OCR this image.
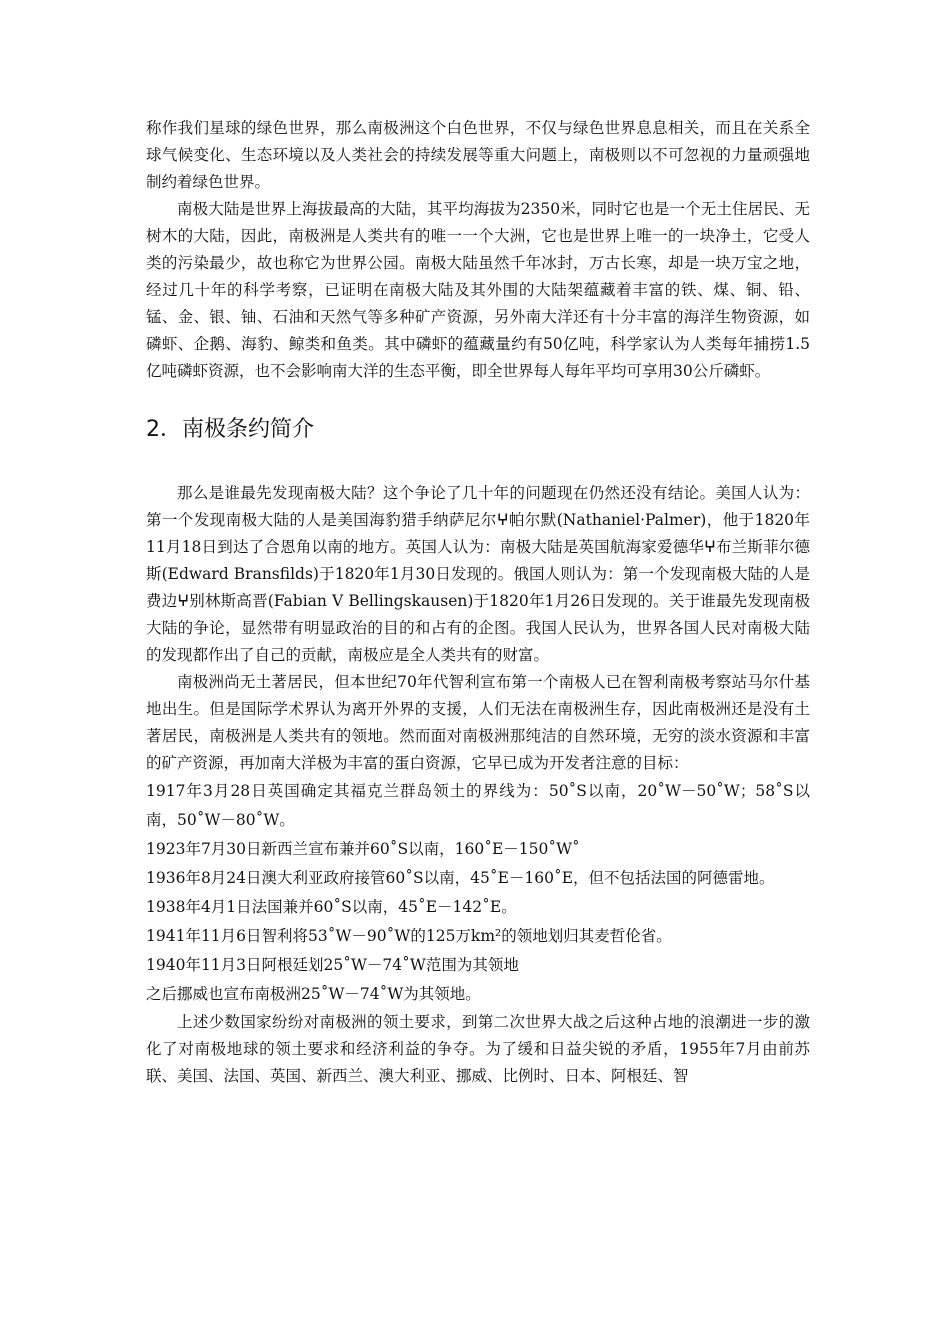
称作我们星球的绿色世界，那么南极洲这个白色世界，不仅与绿色世界息息相关，而且在关系全球气候变化、生态环境以及人类社会的持续发展等重大问题上，南极则以不可忽视的力量顽强地制约着绿色世界。

南极大陆是世界上海拔最高的大陆，其平均海拔为2350米，同时它也是一个无土住居民、无树木的大陆，因此，南极洲是人类共有的唯一一个大洲，它也是世界上唯一的一块净土，它受人类的污染最少，故也称它为世界公园。南极大陆虽然千年冰封，万古长寒，却是一块万宝之地，经过几十年的科学考察，已证明在南极大陆及其外围的大陆架蕴藏着丰富的铁、煤、铜、铅、锰、金、银、铀、石油和天然气等多种矿产资源，另外南大洋还有十分丰富的海洋生物资源，如磷虾、企鹅、海豹、鲸类和鱼类。其中磷虾的蕴藏量约有50亿吨，科学家认为人类每年捕捞1.5亿吨磷虾资源，也不会影响南大洋的生态平衡，即全世界每人每年平均可享用30公斤磷虾。

2．南极条约简介

那么是谁最先发现南极大陆？这个争论了几十年的问题现在仍然还没有结论。美国人认为：第一个发现南极大陆的人是美国海豹猎手纳萨尼尔ⵖ帕尔默(Nathaniel·Palmer)，他于1820年11月18日到达了合恩角以南的地方。英国人认为：南极大陆是英国航海家爱德华ⵖ布兰斯菲尔德斯(Edward Bransfilds)于1820年1月30日发现的。俄国人则认为：第一个发现南极大陆的人是费边ⵖ别林斯高晋(Fabian V Bellingskausen)于1820年1月26日发现的。关于谁最先发现南极大陆的争论，显然带有明显政治的目的和占有的企图。我国人民认为，世界各国人民对南极大陆的发现都作出了自己的贡献，南极应是全人类共有的财富。

南极洲尚无土著居民，但本世纪70年代智利宣布第一个南极人已在智利南极考察站马尔什基地出生。但是国际学术界认为离开外界的支援，人们无法在南极洲生存，因此南极洲还是没有土著居民，南极洲是人类共有的领地。然而面对南极洲那纯洁的自然环境，无穷的淡水资源和丰富的矿产资源，再加南大洋极为丰富的蛋白资源，它早已成为开发者注意的目标：

1917年3月28日英国确定其福克兰群岛领土的界线为：50˚S以南，20˚W－50˚W；58˚S以南，50˚W－80˚W。

1923年7月30日新西兰宣布兼并60˚S以南，160˚E－150˚W˚

1936年8月24日澳大利亚政府接管60˚S以南，45˚E－160˚E，但不包括法国的阿德雷地。

1938年4月1日法国兼并60˚S以南，45˚E－142˚E。

1941年11月6日智利将53˚W－90˚W的125万km²的领地划归其麦哲伦省。

1940年11月3日阿根廷划25˚W－74˚W范围为其领地

之后挪威也宣布南极洲25˚W－74˚W为其领地。

上述少数国家纷纷对南极洲的领土要求，到第二次世界大战之后这种占地的浪潮进一步的激化了对南极地球的领土要求和经济利益的争夺。为了缓和日益尖锐的矛盾，1955年7月由前苏联、美国、法国、英国、新西兰、澳大利亚、挪威、比例时、日本、阿根廷、智
